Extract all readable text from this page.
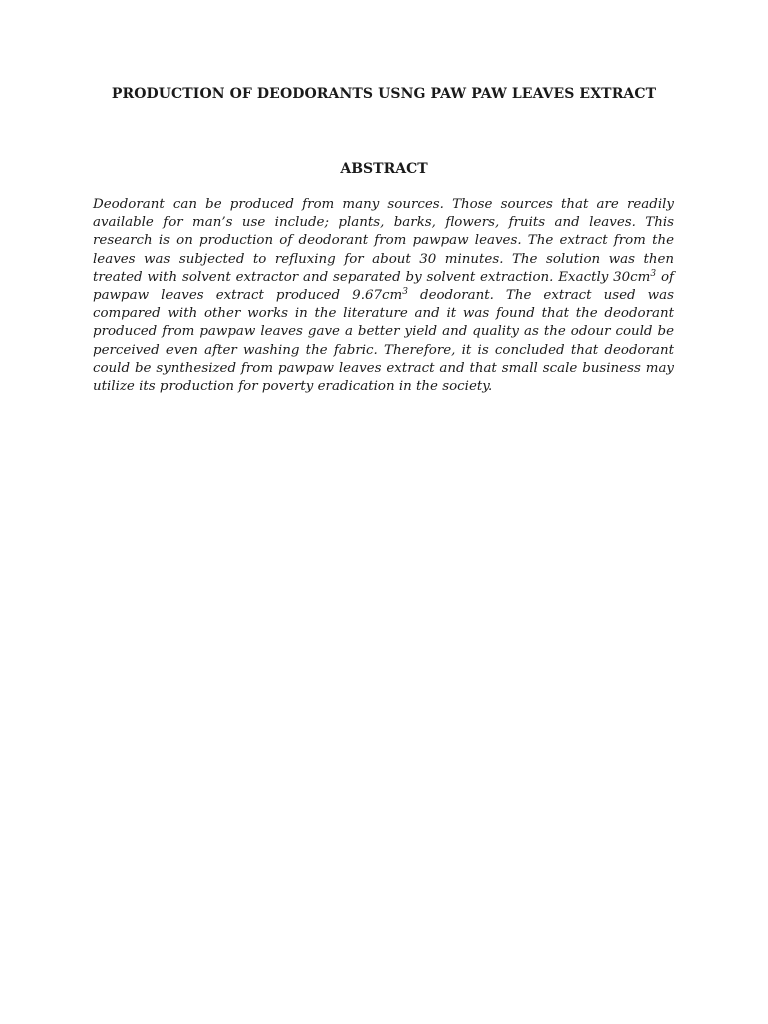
PRODUCTION OF DEODORANTS USNG PAW PAW LEAVES EXTRACT
ABSTRACT

Deodorant can be produced from many sources. Those sources that are readily available for man’s use include; plants, barks, flowers, fruits and leaves. This research is on production of deodorant from pawpaw leaves. The extract from the leaves was subjected to refluxing for about 30 minutes. The solution was then treated with solvent extractor and separated by solvent extraction. Exactly $30cm^3$ of pawpaw leaves extract produced $9.67cm^3$ deodorant. The extract used was compared with other works in the literature and it was found that the deodorant produced from pawpaw leaves gave a better yield and quality as the odour could be perceived even after washing the fabric. Therefore, it is concluded that deodorant could be synthesized from pawpaw leaves extract and that small scale business may utilize its production for poverty eradication in the society.
